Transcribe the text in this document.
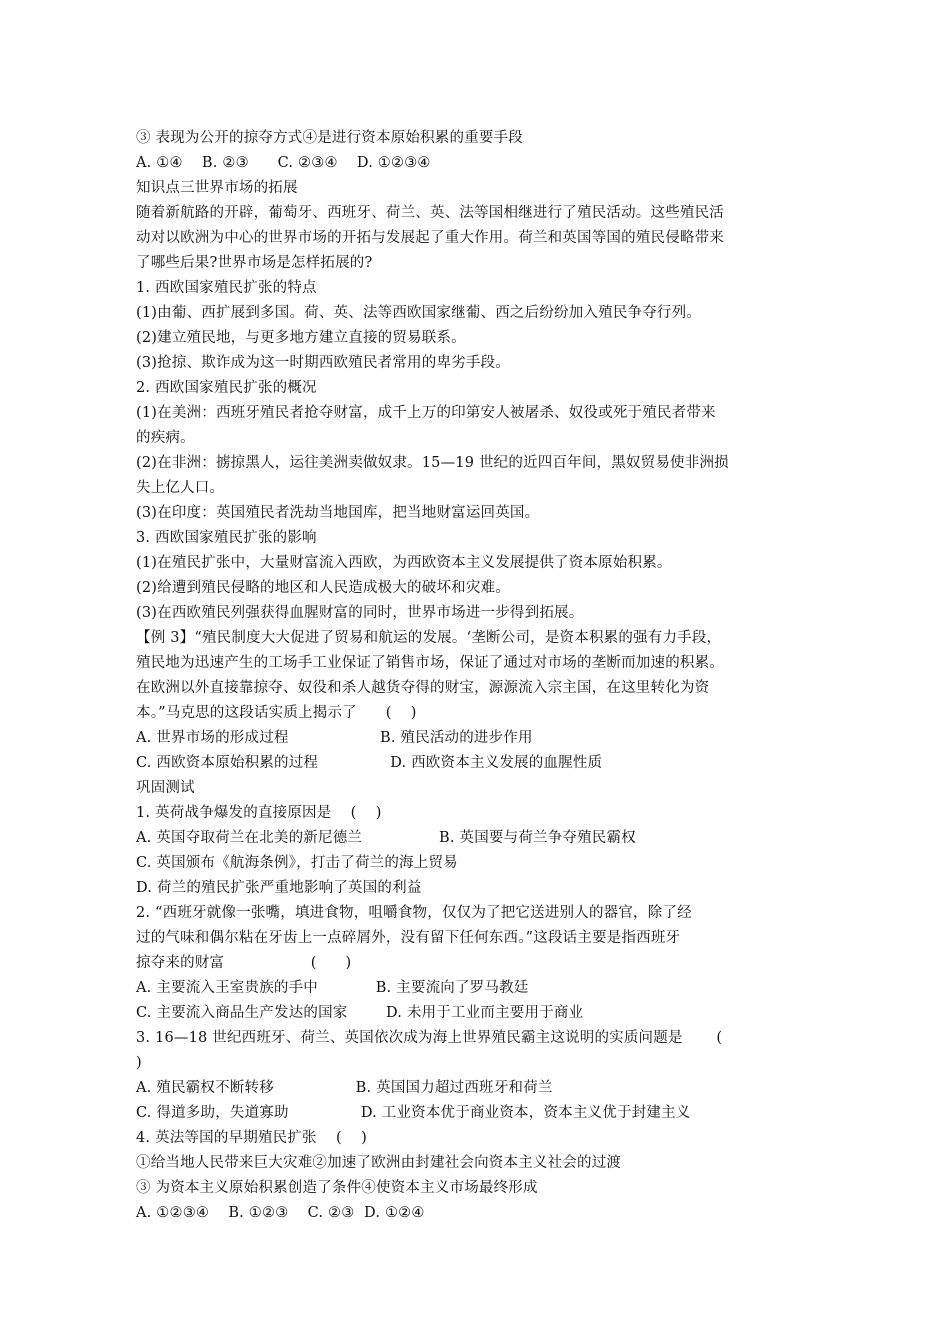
③ 表现为公开的掠夺方式④是进行资本原始积累的重要手段
A. ①④    B. ②③      C. ②③④    D. ①②③④
知识点三世界市场的拓展
随着新航路的开辟，葡萄牙、西班牙、荷兰、英、法等国相继进行了殖民活动。这些殖民活
动对以欧洲为中心的世界市场的开拓与发展起了重大作用。荷兰和英国等国的殖民侵略带来
了哪些后果?世界市场是怎样拓展的?
1. 西欧国家殖民扩张的特点
(1)由葡、西扩展到多国。荷、英、法等西欧国家继葡、西之后纷纷加入殖民争夺行列。
(2)建立殖民地，与更多地方建立直接的贸易联系。
(3)抢掠、欺诈成为这一时期西欧殖民者常用的卑劣手段。
2. 西欧国家殖民扩张的概况
(1)在美洲：西班牙殖民者抢夺财富，成千上万的印第安人被屠杀、奴役或死于殖民者带来
的疾病。
(2)在非洲：掳掠黑人，运往美洲卖做奴隶。15—19 世纪的近四百年间，黑奴贸易使非洲损
失上亿人口。
(3)在印度：英国殖民者洗劫当地国库，把当地财富运回英国。
3. 西欧国家殖民扩张的影响
(1)在殖民扩张中，大量财富流入西欧，为西欧资本主义发展提供了资本原始积累。
(2)给遭到殖民侵略的地区和人民造成极大的破坏和灾难。
(3)在西欧殖民列强获得血腥财富的同时，世界市场进一步得到拓展。
【例 3】“殖民制度大大促进了贸易和航运的发展。‘垄断公司，是资本积累的强有力手段，
殖民地为迅速产生的工场手工业保证了销售市场，保证了通过对市场的垄断而加速的积累。
在欧洲以外直接靠掠夺、奴役和杀人越货夺得的财宝，源源流入宗主国，在这里转化为资
本。”马克思的这段话实质上揭示了      (    )
A. 世界市场的形成过程                   B. 殖民活动的进步作用
C. 西欧资本原始积累的过程               D. 西欧资本主义发展的血腥性质
巩固测试
1. 英荷战争爆发的直接原因是    (    )
A. 英国夺取荷兰在北美的新尼德兰                B. 英国要与荷兰争夺殖民霸权
C. 英国颁布《航海条例》，打击了荷兰的海上贸易
D. 荷兰的殖民扩张严重地影响了英国的利益
2. “西班牙就像一张嘴，填进食物，咀嚼食物，仅仅为了把它送进别人的器官，除了经
过的气味和偶尔粘在牙齿上一点碎屑外，没有留下任何东西。”这段话主要是指西班牙
掠夺来的财富                  (      )
A. 主要流入王室贵族的手中            B. 主要流向了罗马教廷
C. 主要流入商品生产发达的国家        D. 未用于工业而主要用于商业
3. 16—18 世纪西班牙、荷兰、英国依次成为海上世界殖民霸主这说明的实质问题是       (
)
A. 殖民霸权不断转移                 B. 英国国力超过西班牙和荷兰
C. 得道多助，失道寡助               D. 工业资本优于商业资本，资本主义优于封建主义
4. 英法等国的早期殖民扩张    (    )
①给当地人民带来巨大灾难②加速了欧洲由封建社会向资本主义社会的过渡
③ 为资本主义原始积累创造了条件④使资本主义市场最终形成
A. ①②③④    B. ①②③    C. ②③  D. ①②④
